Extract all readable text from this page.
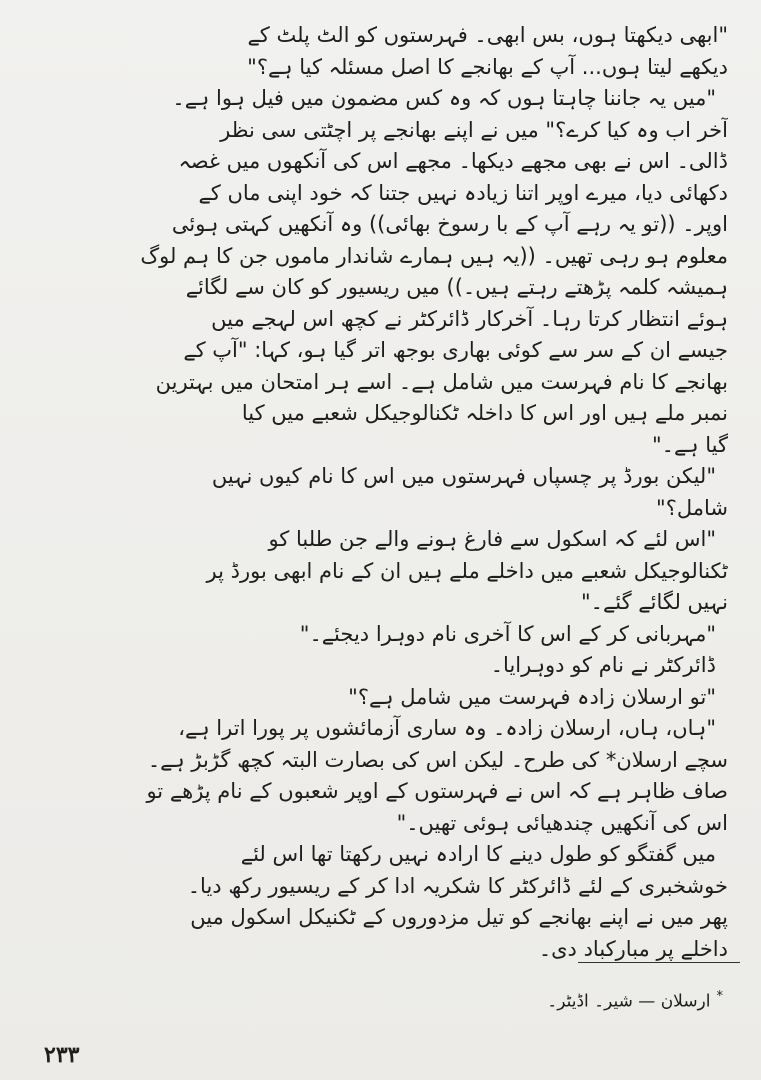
"ابھی دیکھتا ہوں، بس ابھی۔ فہرستوں کو الٹ پلٹ کے
دیکھے لیتا ہوں... آپ کے بھانجے کا اصل مسئلہ کیا ہے؟"
"میں یہ جاننا چاہتا ہوں کہ وہ کس مضمون میں فیل ہوا ہے۔
آخر اب وہ کیا کرے؟" میں نے اپنے بھانجے پر اچٹتی سی نظر
ڈالی۔ اس نے بھی مجھے دیکھا۔ مجھے اس کی آنکھوں میں غصہ
دکھائی دیا، میرے اوپر اتنا زیادہ نہیں جتنا کہ خود اپنی ماں کے
اوپر۔ ((تو یہ رہے آپ کے با رسوخ بھائی)) وہ آنکھیں کہتی ہوئی
معلوم ہو رہی تھیں۔ ((یہ ہیں ہمارے شاندار ماموں جن کا ہم لوگ
ہمیشہ کلمہ پڑھتے رہتے ہیں۔)) میں ریسیور کو کان سے لگائے
ہوئے انتظار کرتا رہا۔ آخرکار ڈائرکٹر نے کچھ اس لہجے میں
جیسے ان کے سر سے کوئی بھاری بوجھ اتر گیا ہو، کہا: "آپ کے
بھانجے کا نام فہرست میں شامل ہے۔ اسے ہر امتحان میں بہترین
نمبر ملے ہیں اور اس کا داخلہ ٹکنالوجیکل شعبے میں کیا
گیا ہے۔"
"لیکن بورڈ پر چسپاں فہرستوں میں اس کا نام کیوں نہیں
شامل؟"
"اس لئے کہ اسکول سے فارغ ہونے والے جن طلبا کو
ٹکنالوجیکل شعبے میں داخلے ملے ہیں ان کے نام ابھی بورڈ پر
نہیں لگائے گئے۔"
"مہربانی کر کے اس کا آخری نام دوہرا دیجئے۔"
ڈائرکٹر نے نام کو دوہرایا۔
"تو ارسلان زادہ فہرست میں شامل ہے؟"
"ہاں، ہاں، ارسلان زادہ۔ وہ ساری آزمائشوں پر پورا اترا ہے،
سچے ارسلان* کی طرح۔ لیکن اس کی بصارت البتہ کچھ گڑبڑ ہے۔
صاف ظاہر ہے کہ اس نے فہرستوں کے اوپر شعبوں کے نام پڑھے تو
اس کی آنکھیں چندھیائی ہوئی تھیں۔"
میں گفتگو کو طول دینے کا ارادہ نہیں رکھتا تھا اس لئے
خوشخبری کے لئے ڈائرکٹر کا شکریہ ادا کر کے ریسیور رکھ دیا۔
پھر میں نے اپنے بھانجے کو تیل مزدوروں کے ٹکنیکل اسکول میں
داخلے پر مبارکباد دی۔
*ارسلان — شیر۔ اڈیٹر۔
۲۳۳
